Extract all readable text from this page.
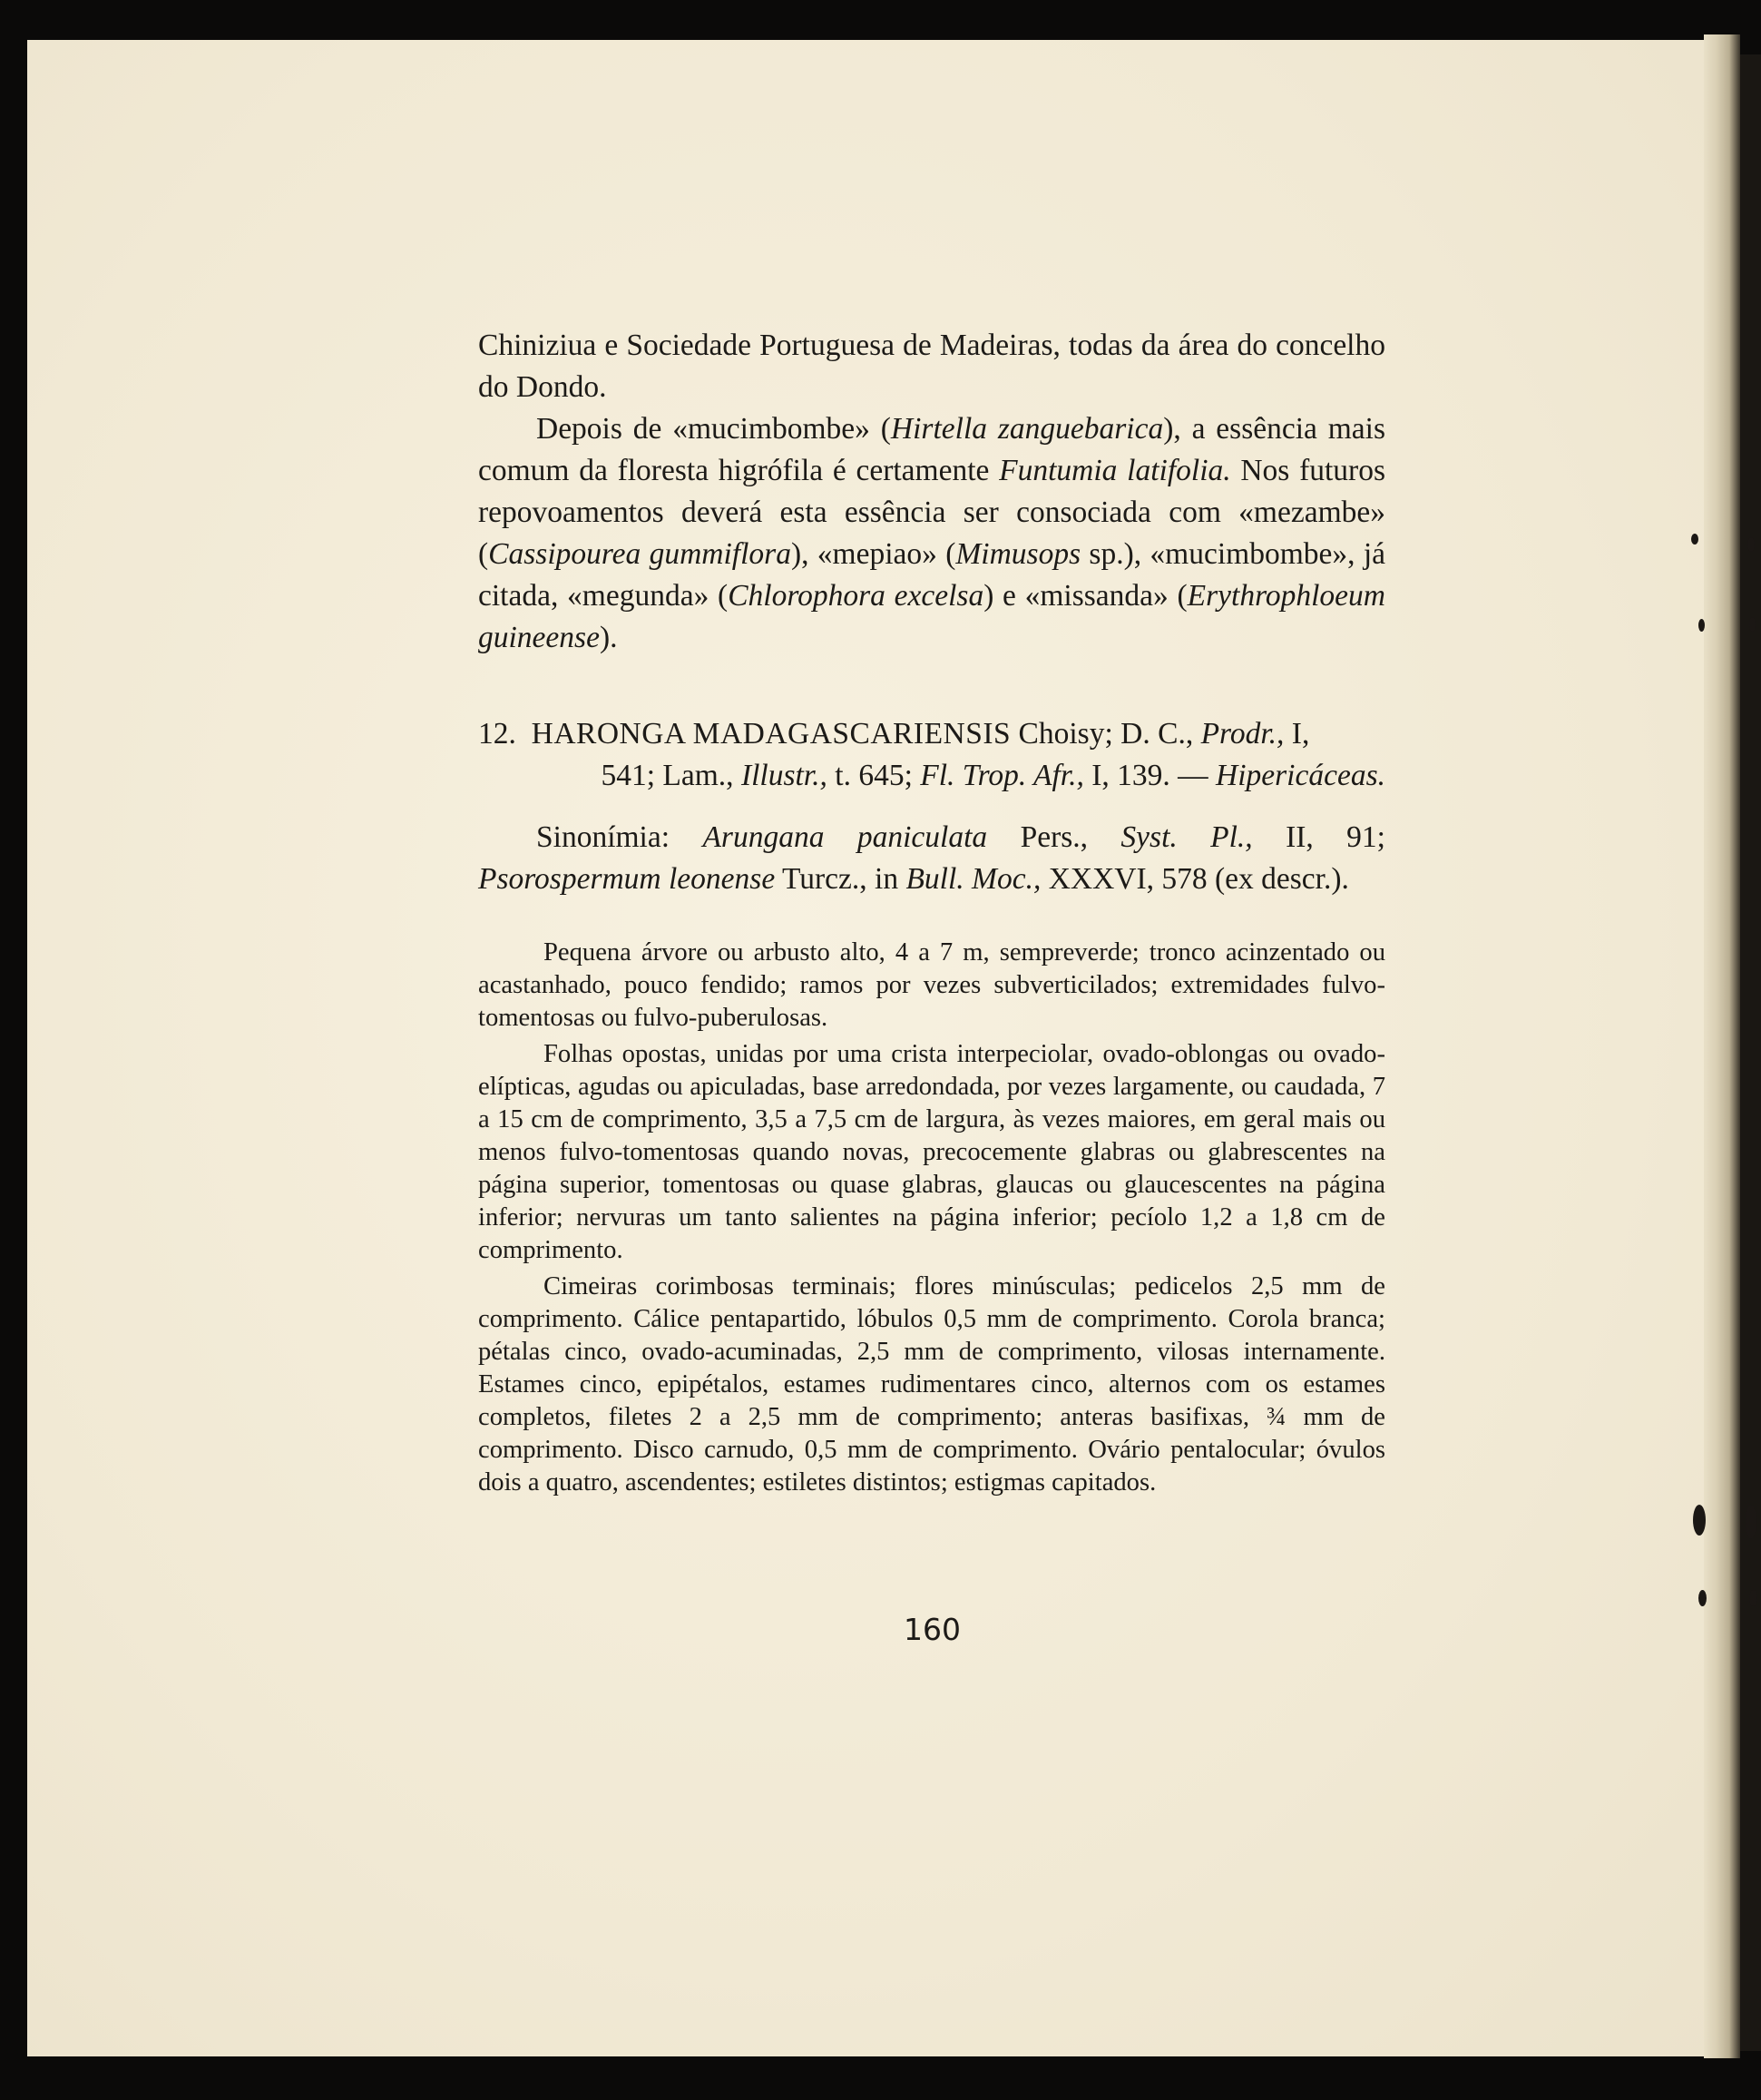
Chiniziua e Sociedade Portuguesa de Madeiras, todas da área do concelho do Dondo.

Depois de «mucimbombe» (Hirtella zanguebarica), a essência mais comum da floresta higrófila é certamente Funtumia latifolia. Nos futuros repovoamentos deverá esta essência ser consociada com «mezambe» (Cassipourea gummiflora), «mepiao» (Mimusops sp.), «mucimbombe», já citada, «megunda» (Chlorophora excelsa) e «missanda» (Erythrophloeum guineense).

12. HARONGA MADAGASCARIENSIS Choisy; D. C., Prodr., I,
541; Lam., Illustr., t. 645; Fl. Trop. Afr., I, 139. — Hipericáceas.

Sinonímia: Arungana paniculata Pers., Syst. Pl., II, 91; Psorospermum leonense Turcz., in Bull. Moc., XXXVI, 578 (ex descr.).

Pequena árvore ou arbusto alto, 4 a 7 m, sempreverde; tronco acinzentado ou acastanhado, pouco fendido; ramos por vezes subverticilados; extremidades fulvo-tomentosas ou fulvo-puberulosas.

Folhas opostas, unidas por uma crista interpeciolar, ovado-oblongas ou ovado-elípticas, agudas ou apiculadas, base arredondada, por vezes largamente, ou caudada, 7 a 15 cm de comprimento, 3,5 a 7,5 cm de largura, às vezes maiores, em geral mais ou menos fulvo-tomentosas quando novas, precocemente glabras ou glabrescentes na página superior, tomentosas ou quase glabras, glaucas ou glaucescentes na página inferior; nervuras um tanto salientes na página inferior; pecíolo 1,2 a 1,8 cm de comprimento.

Cimeiras corimbosas terminais; flores minúsculas; pedicelos 2,5 mm de comprimento. Cálice pentapartido, lóbulos 0,5 mm de comprimento. Corola branca; pétalas cinco, ovado-acuminadas, 2,5 mm de comprimento, vilosas internamente. Estames cinco, epipétalos, estames rudimentares cinco, alternos com os estames completos, filetes 2 a 2,5 mm de comprimento; anteras basifixas, ¾ mm de comprimento. Disco carnudo, 0,5 mm de comprimento. Ovário pentalocular; óvulos dois a quatro, ascendentes; estiletes distintos; estigmas capitados.

160
